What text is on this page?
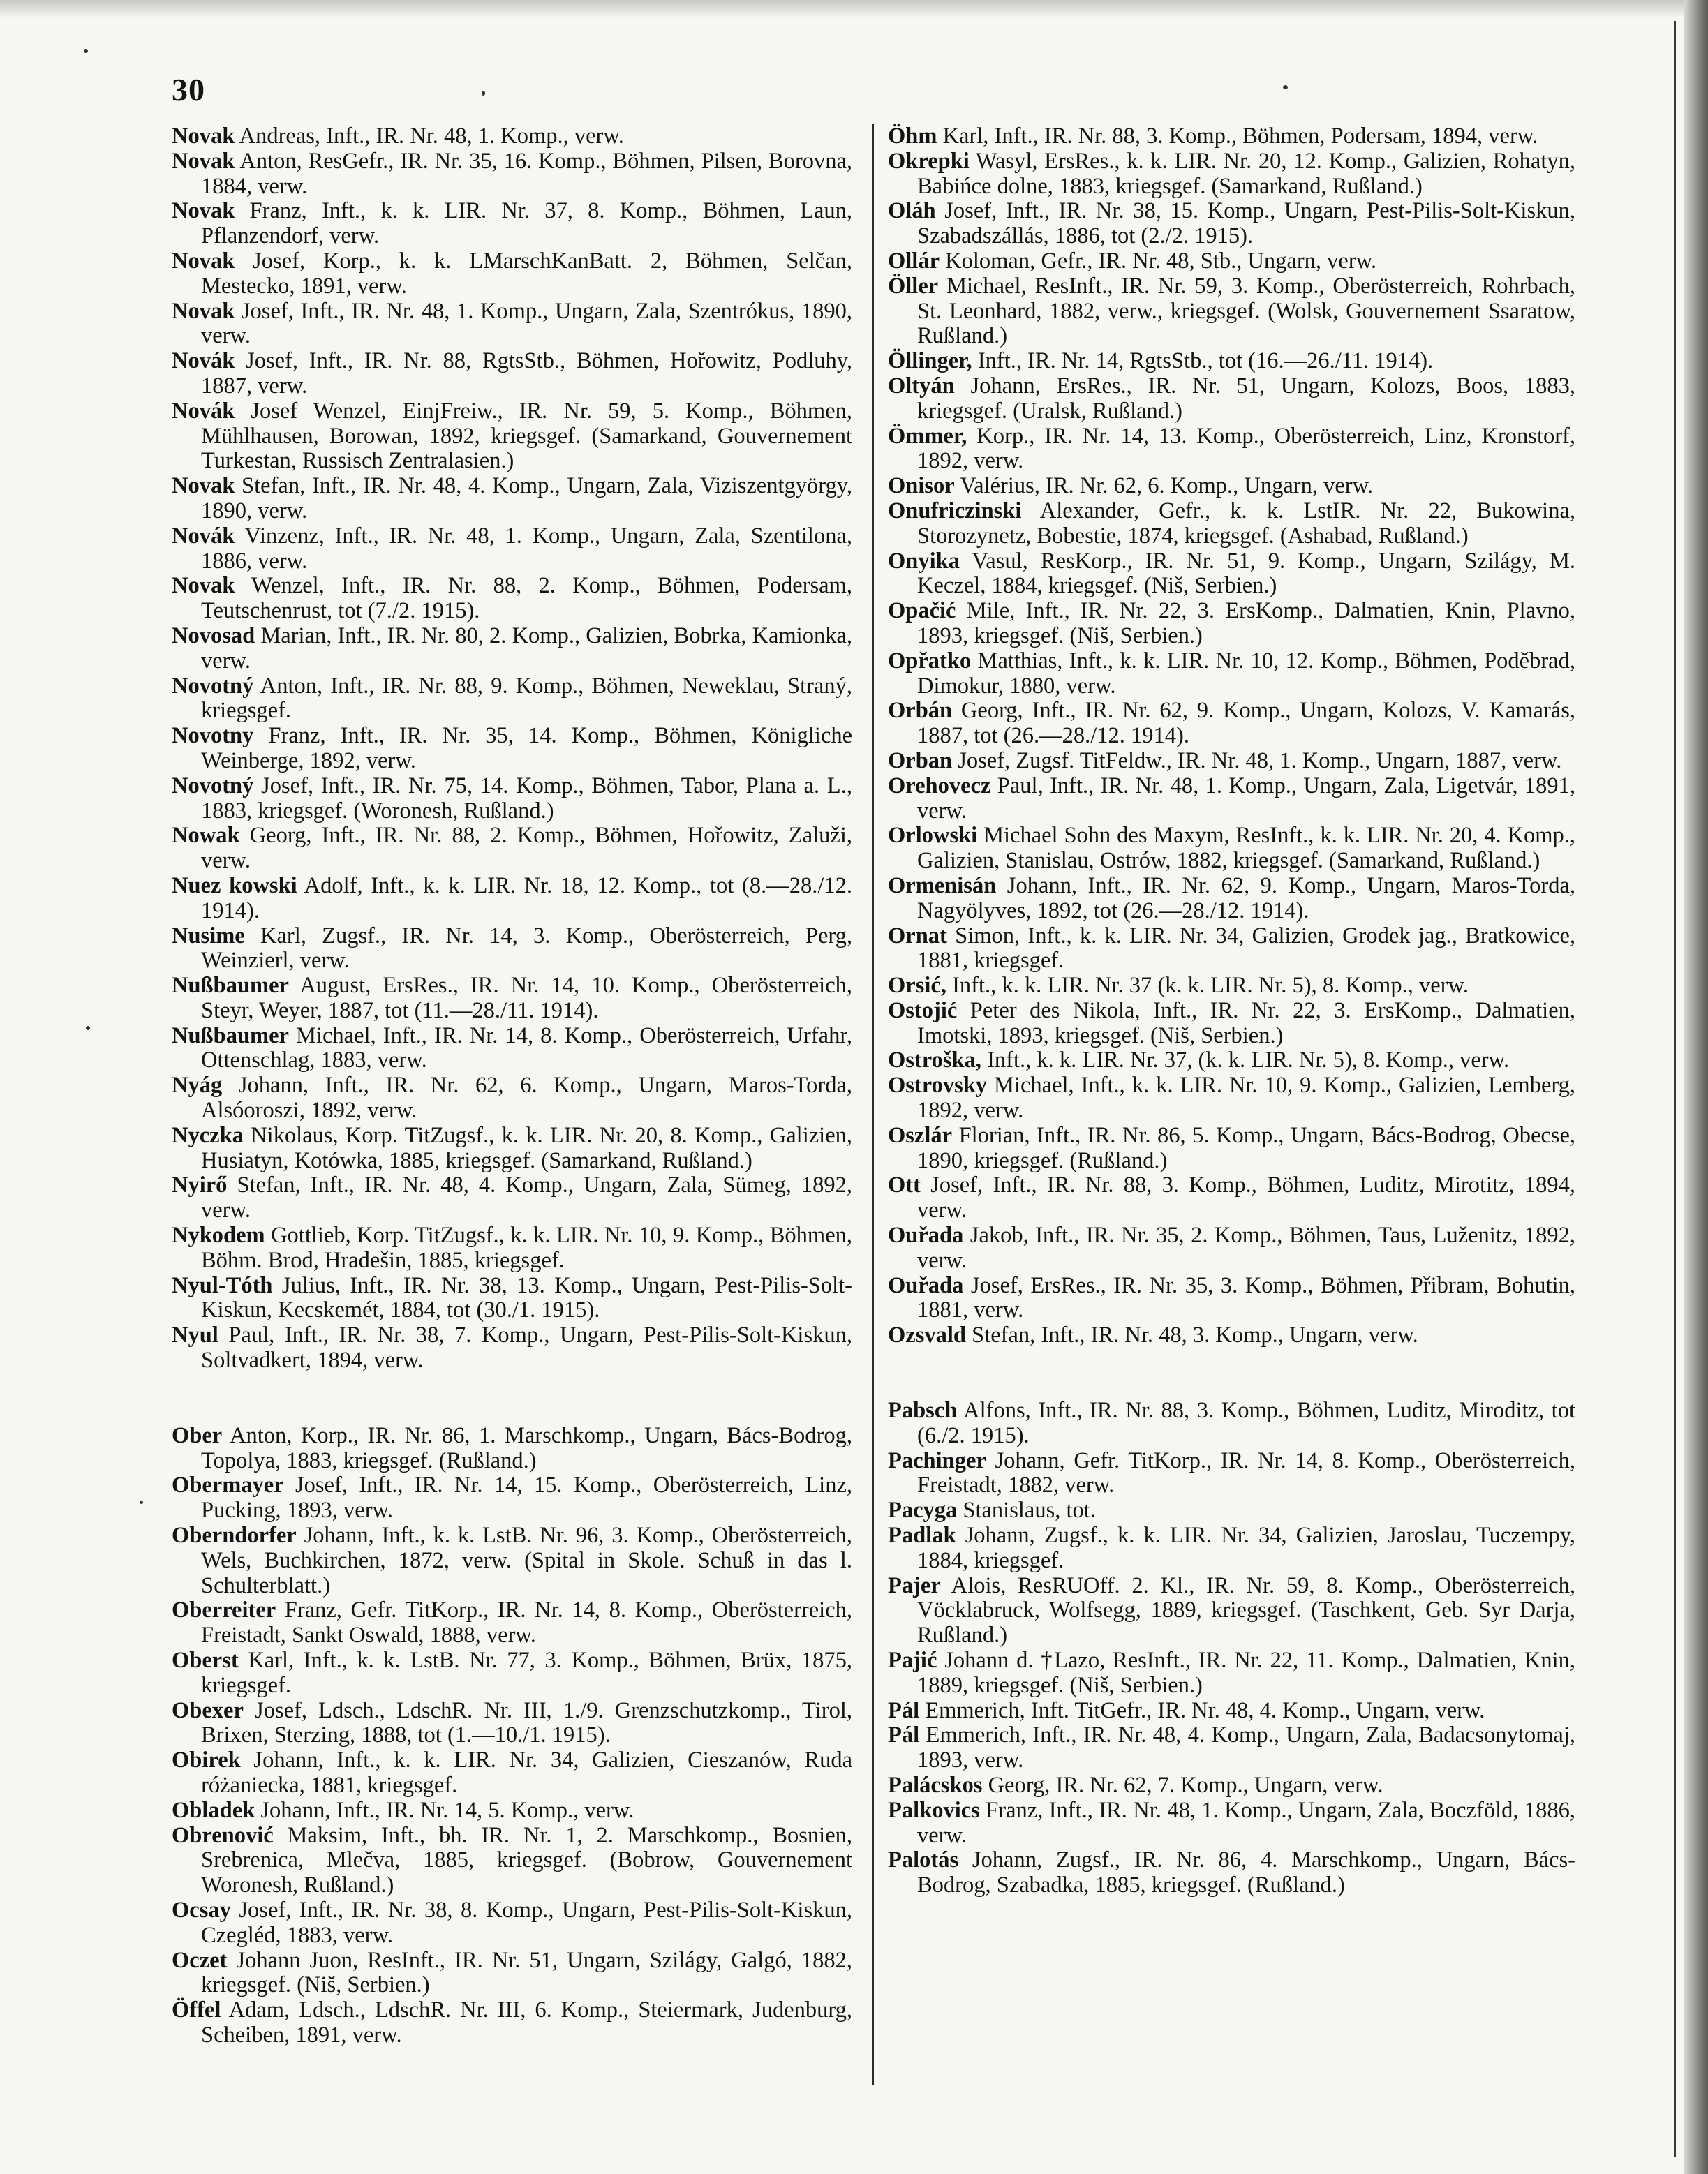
30

Novak Andreas, Inft., IR. Nr. 48, 1. Komp., verw.

Novak Anton, ResGefr., IR. Nr. 35, 16. Komp., Böhmen, Pilsen, Borovna, 1884, verw.

Novak Franz, Inft., k. k. LIR. Nr. 37, 8. Komp., Böhmen, Laun, Pflanzendorf, verw.

Novak Josef, Korp., k. k. LMarschKanBatt. 2, Böhmen, Selčan, Mestecko, 1891, verw.

Novak Josef, Inft., IR. Nr. 48, 1. Komp., Ungarn, Zala, Szentrókus, 1890, verw.

Novák Josef, Inft., IR. Nr. 88, RgtsStb., Böhmen, Hořowitz, Podluhy, 1887, verw.

Novák Josef Wenzel, EinjFreiw., IR. Nr. 59, 5. Komp., Böhmen, Mühlhausen, Borowan, 1892, kriegsgef. (Samarkand, Gouvernement Turkestan, Russisch Zentralasien.)

Novak Stefan, Inft., IR. Nr. 48, 4. Komp., Ungarn, Zala, Viziszentgyörgy, 1890, verw.

Novák Vinzenz, Inft., IR. Nr. 48, 1. Komp., Ungarn, Zala, Szentilona, 1886, verw.

Novak Wenzel, Inft., IR. Nr. 88, 2. Komp., Böhmen, Podersam, Teutschenrust, tot (7./2. 1915).

Novosad Marian, Inft., IR. Nr. 80, 2. Komp., Galizien, Bobrka, Kamionka, verw.

Novotný Anton, Inft., IR. Nr. 88, 9. Komp., Böhmen, Neweklau, Straný, kriegsgef.

Novotny Franz, Inft., IR. Nr. 35, 14. Komp., Böhmen, Königliche Weinberge, 1892, verw.

Novotný Josef, Inft., IR. Nr. 75, 14. Komp., Böhmen, Tabor, Plana a. L., 1883, kriegsgef. (Woronesh, Rußland.)

Nowak Georg, Inft., IR. Nr. 88, 2. Komp., Böhmen, Hořowitz, Zaluži, verw.

Nuez kowski Adolf, Inft., k. k. LIR. Nr. 18, 12. Komp., tot (8.—28./12. 1914).

Nusime Karl, Zugsf., IR. Nr. 14, 3. Komp., Oberösterreich, Perg, Weinzierl, verw.

Nußbaumer August, ErsRes., IR. Nr. 14, 10. Komp., Oberösterreich, Steyr, Weyer, 1887, tot (11.—28./11. 1914).

Nußbaumer Michael, Inft., IR. Nr. 14, 8. Komp., Oberösterreich, Urfahr, Ottenschlag, 1883, verw.

Nyág Johann, Inft., IR. Nr. 62, 6. Komp., Ungarn, Maros-Torda, Alsóoroszi, 1892, verw.

Nyczka Nikolaus, Korp. TitZugsf., k. k. LIR. Nr. 20, 8. Komp., Galizien, Husiatyn, Kotówka, 1885, kriegsgef. (Samarkand, Rußland.)

Nyirő Stefan, Inft., IR. Nr. 48, 4. Komp., Ungarn, Zala, Sümeg, 1892, verw.

Nykodem Gottlieb, Korp. TitZugsf., k. k. LIR. Nr. 10, 9. Komp., Böhmen, Böhm. Brod, Hradešin, 1885, kriegsgef.

Nyul-Tóth Julius, Inft., IR. Nr. 38, 13. Komp., Ungarn, Pest-Pilis-Solt-Kiskun, Kecskemét, 1884, tot (30./1. 1915).

Nyul Paul, Inft., IR. Nr. 38, 7. Komp., Ungarn, Pest-Pilis-Solt-Kiskun, Soltvadkert, 1894, verw.

Ober Anton, Korp., IR. Nr. 86, 1. Marschkomp., Ungarn, Bács-Bodrog, Topolya, 1883, kriegsgef. (Rußland.)

Obermayer Josef, Inft., IR. Nr. 14, 15. Komp., Oberösterreich, Linz, Pucking, 1893, verw.

Oberndorfer Johann, Inft., k. k. LstB. Nr. 96, 3. Komp., Oberösterreich, Wels, Buchkirchen, 1872, verw. (Spital in Skole. Schuß in das l. Schulterblatt.)

Oberreiter Franz, Gefr. TitKorp., IR. Nr. 14, 8. Komp., Oberösterreich, Freistadt, Sankt Oswald, 1888, verw.

Oberst Karl, Inft., k. k. LstB. Nr. 77, 3. Komp., Böhmen, Brüx, 1875, kriegsgef.

Obexer Josef, Ldsch., LdschR. Nr. III, 1./9. Grenzschutzkomp., Tirol, Brixen, Sterzing, 1888, tot (1.—10./1. 1915).

Obirek Johann, Inft., k. k. LIR. Nr. 34, Galizien, Cieszanów, Ruda różaniecka, 1881, kriegsgef.

Obladek Johann, Inft., IR. Nr. 14, 5. Komp., verw.

Obrenović Maksim, Inft., bh. IR. Nr. 1, 2. Marschkomp., Bosnien, Srebrenica, Mlečva, 1885, kriegsgef. (Bobrow, Gouvernement Woronesh, Rußland.)

Ocsay Josef, Inft., IR. Nr. 38, 8. Komp., Ungarn, Pest-Pilis-Solt-Kiskun, Czegléd, 1883, verw.

Oczet Johann Juon, ResInft., IR. Nr. 51, Ungarn, Szilágy, Galgó, 1882, kriegsgef. (Niš, Serbien.)

Öffel Adam, Ldsch., LdschR. Nr. III, 6. Komp., Steiermark, Judenburg, Scheiben, 1891, verw.

Öhm Karl, Inft., IR. Nr. 88, 3. Komp., Böhmen, Podersam, 1894, verw.

Okrepki Wasyl, ErsRes., k. k. LIR. Nr. 20, 12. Komp., Galizien, Rohatyn, Babińce dolne, 1883, kriegsgef. (Samarkand, Rußland.)

Oláh Josef, Inft., IR. Nr. 38, 15. Komp., Ungarn, Pest-Pilis-Solt-Kiskun, Szabadszállás, 1886, tot (2./2. 1915).

Ollár Koloman, Gefr., IR. Nr. 48, Stb., Ungarn, verw.

Öller Michael, ResInft., IR. Nr. 59, 3. Komp., Oberösterreich, Rohrbach, St. Leonhard, 1882, verw., kriegsgef. (Wolsk, Gouvernement Ssaratow, Rußland.)

Öllinger, Inft., IR. Nr. 14, RgtsStb., tot (16.—26./11. 1914).

Oltyán Johann, ErsRes., IR. Nr. 51, Ungarn, Kolozs, Boos, 1883, kriegsgef. (Uralsk, Rußland.)

Ömmer, Korp., IR. Nr. 14, 13. Komp., Oberösterreich, Linz, Kronstorf, 1892, verw.

Onisor Valérius, IR. Nr. 62, 6. Komp., Ungarn, verw.

Onufriczinski Alexander, Gefr., k. k. LstIR. Nr. 22, Bukowina, Storozynetz, Bobestie, 1874, kriegsgef. (Ashabad, Rußland.)

Onyika Vasul, ResKorp., IR. Nr. 51, 9. Komp., Ungarn, Szilágy, M. Keczel, 1884, kriegsgef. (Niš, Serbien.)

Opačić Mile, Inft., IR. Nr. 22, 3. ErsKomp., Dalmatien, Knin, Plavno, 1893, kriegsgef. (Niš, Serbien.)

Opřatko Matthias, Inft., k. k. LIR. Nr. 10, 12. Komp., Böhmen, Poděbrad, Dimokur, 1880, verw.

Orbán Georg, Inft., IR. Nr. 62, 9. Komp., Ungarn, Kolozs, V. Kamarás, 1887, tot (26.—28./12. 1914).

Orban Josef, Zugsf. TitFeldw., IR. Nr. 48, 1. Komp., Ungarn, 1887, verw.

Orehovecz Paul, Inft., IR. Nr. 48, 1. Komp., Ungarn, Zala, Ligetvár, 1891, verw.

Orlowski Michael Sohn des Maxym, ResInft., k. k. LIR. Nr. 20, 4. Komp., Galizien, Stanislau, Ostrów, 1882, kriegsgef. (Samarkand, Rußland.)

Ormenisán Johann, Inft., IR. Nr. 62, 9. Komp., Ungarn, Maros-Torda, Nagyölyves, 1892, tot (26.—28./12. 1914).

Ornat Simon, Inft., k. k. LIR. Nr. 34, Galizien, Grodek jag., Bratkowice, 1881, kriegsgef.

Orsić, Inft., k. k. LIR. Nr. 37 (k. k. LIR. Nr. 5), 8. Komp., verw.

Ostojić Peter des Nikola, Inft., IR. Nr. 22, 3. ErsKomp., Dalmatien, Imotski, 1893, kriegsgef. (Niš, Serbien.)

Ostroška, Inft., k. k. LIR. Nr. 37, (k. k. LIR. Nr. 5), 8. Komp., verw.

Ostrovsky Michael, Inft., k. k. LIR. Nr. 10, 9. Komp., Galizien, Lemberg, 1892, verw.

Oszlár Florian, Inft., IR. Nr. 86, 5. Komp., Ungarn, Bács-Bodrog, Obecse, 1890, kriegsgef. (Rußland.)

Ott Josef, Inft., IR. Nr. 88, 3. Komp., Böhmen, Luditz, Mirotitz, 1894, verw.

Ouřada Jakob, Inft., IR. Nr. 35, 2. Komp., Böhmen, Taus, Luženitz, 1892, verw.

Ouřada Josef, ErsRes., IR. Nr. 35, 3. Komp., Böhmen, Přibram, Bohutin, 1881, verw.

Ozsvald Stefan, Inft., IR. Nr. 48, 3. Komp., Ungarn, verw.

Pabsch Alfons, Inft., IR. Nr. 88, 3. Komp., Böhmen, Luditz, Miroditz, tot (6./2. 1915).

Pachinger Johann, Gefr. TitKorp., IR. Nr. 14, 8. Komp., Oberösterreich, Freistadt, 1882, verw.

Pacyga Stanislaus, tot.

Padlak Johann, Zugsf., k. k. LIR. Nr. 34, Galizien, Jaroslau, Tuczempy, 1884, kriegsgef.

Pajer Alois, ResRUOff. 2. Kl., IR. Nr. 59, 8. Komp., Oberösterreich, Vöcklabruck, Wolfsegg, 1889, kriegsgef. (Taschkent, Geb. Syr Darja, Rußland.)

Pajić Johann d. †Lazo, ResInft., IR. Nr. 22, 11. Komp., Dalmatien, Knin, 1889, kriegsgef. (Niš, Serbien.)

Pál Emmerich, Inft. TitGefr., IR. Nr. 48, 4. Komp., Ungarn, verw.

Pál Emmerich, Inft., IR. Nr. 48, 4. Komp., Ungarn, Zala, Badacsonytomaj, 1893, verw.

Palácskos Georg, IR. Nr. 62, 7. Komp., Ungarn, verw.

Palkovics Franz, Inft., IR. Nr. 48, 1. Komp., Ungarn, Zala, Boczföld, 1886, verw.

Palotás Johann, Zugsf., IR. Nr. 86, 4. Marschkomp., Ungarn, Bács-Bodrog, Szabadka, 1885, kriegsgef. (Rußland.)
